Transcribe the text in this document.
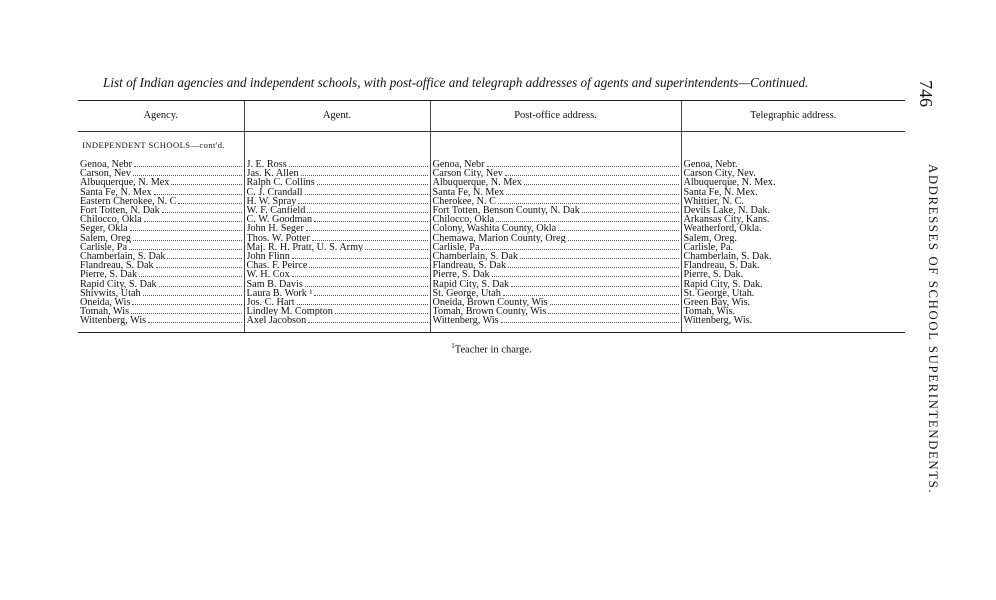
List of Indian agencies and independent schools, with post-office and telegraph addresses of agents and superintendents—Continued.	746
ADDRESSES OF SCHOOL SUPERINTENDENTS.
Agency.	Agent.	Post-office address.	Telegraphic address.
INDEPENDENT SCHOOLS—cont'd.			

Genoa, Nebr	J. E. Ross	Genoa, Nebr	Genoa, Nebr.

Carson, Nev	Jas. K. Allen	Carson City, Nev	Carson City, Nev.

Albuquerque, N. Mex	Ralph C. Collins	Albuquerque, N. Mex	Albuquerque, N. Mex.

Santa Fe, N. Mex	C. J. Crandall	Santa Fe, N. Mex	Santa Fe, N. Mex.

Eastern Cherokee, N. C	H. W. Spray	Cherokee, N. C	Whittier, N. C.

Fort Totten, N. Dak	W. F. Canfield	Fort Totten, Benson County, N. Dak	Devils Lake, N. Dak.

Chilocco, Okla	C. W. Goodman	Chilocco, Okla	Arkansas City, Kans.

Seger, Okla	John H. Seger	Colony, Washita County, Okla	Weatherford, Okla.

Salem, Oreg	Thos. W. Potter	Chemawa, Marion County, Oreg	Salem, Oreg.

Carlisle, Pa	Maj. R. H. Pratt, U. S. Army	Carlisle, Pa	Carlisle, Pa.

Chamberlain, S. Dak	John Flinn	Chamberlain, S. Dak	Chamberlain, S. Dak.

Flandreau, S. Dak	Chas. F. Peirce	Flandreau, S. Dak	Flandreau, S. Dak.

Pierre, S. Dak	W. H. Cox	Pierre, S. Dak	Pierre, S. Dak.

Rapid City, S. Dak	Sam B. Davis	Rapid City, S. Dak	Rapid City, S. Dak.

Shivwits, Utah	Laura B. Work ¹	St. George, Utah	St. George, Utah.

Oneida, Wis	Jos. C. Hart	Oneida, Brown County, Wis	Green Bay, Wis.

Tomah, Wis	Lindley M. Compton	Tomah, Brown County, Wis	Tomah, Wis.

Wittenberg, Wis	Axel Jacobson	Wittenberg, Wis	Wittenberg, Wis.
$^1$Teacher in charge.
